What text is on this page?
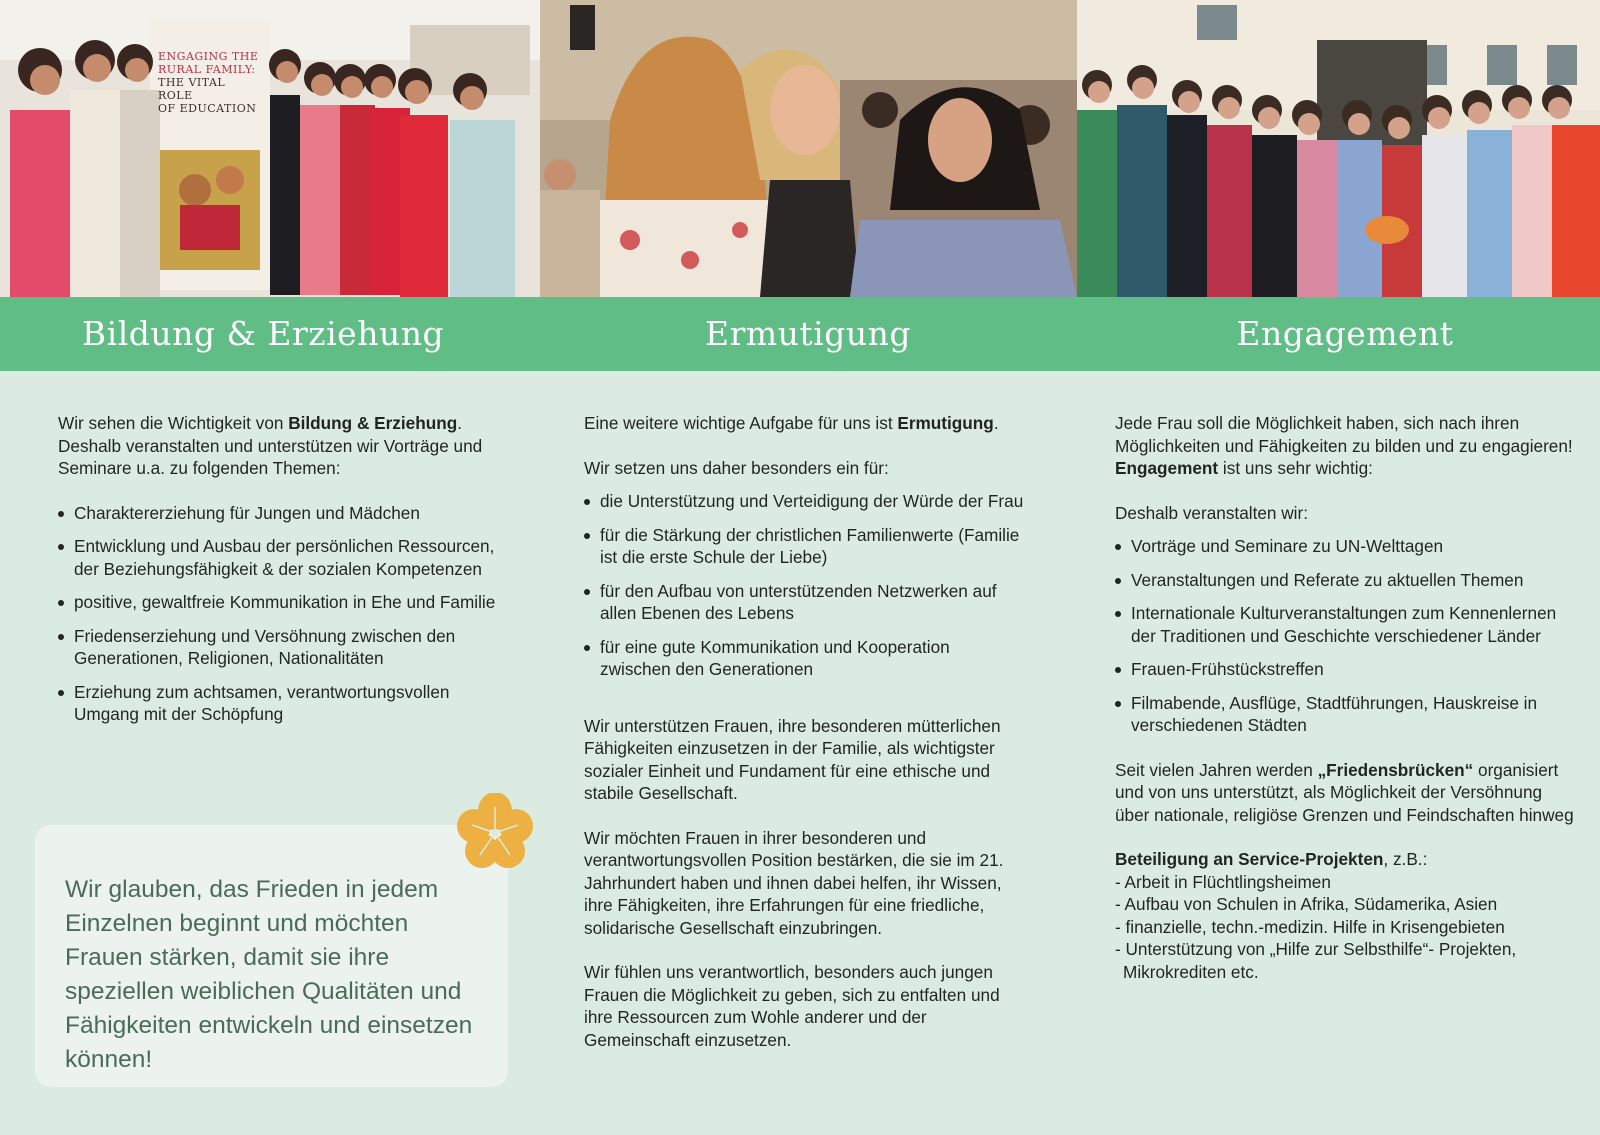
ENGAGING THE
RURAL FAMILY:
THE VITAL ROLE
OF EDUCATION
Bildung & Erziehung	Ermutigung	Engagement

Wir sehen die Wichtigkeit von Bildung & Erziehung. Deshalb veranstalten und unterstützen wir Vorträge und Seminare u.a. zu folgenden Themen:

Charaktererziehung für Jungen und Mädchen
Entwicklung und Ausbau der persönlichen Ressourcen, der Beziehungsfähigkeit & der sozialen Kompetenzen
positive, gewaltfreie Kommunikation in Ehe und Familie
Friedenserziehung und Versöhnung zwischen den Generationen, Religionen, Nationalitäten
Erziehung zum achtsamen, verantwortungsvollen Umgang mit der Schöpfung

Wir glauben, das Frieden in jedem Einzelnen beginnt und möchten Frauen stärken, damit sie ihre speziellen weiblichen Qualitäten und Fähigkeiten entwickeln und einsetzen können!

Eine weitere wichtige Aufgabe für uns ist Ermutigung.

Wir setzen uns daher besonders ein für:

die Unterstützung und Verteidigung der Würde der Frau
für die Stärkung der christlichen Familienwerte (Familie ist die erste Schule der Liebe)
für den Aufbau von unterstützenden Netzwerken auf allen Ebenen des Lebens
für eine gute Kommunikation und Kooperation zwischen den Generationen

Wir unterstützen Frauen, ihre besonderen mütterlichen Fähigkeiten einzusetzen in der Familie, als wichtigster sozialer Einheit und Fundament für eine ethische und stabile Gesellschaft.

Wir möchten Frauen in ihrer besonderen und verantwortungsvollen Position bestärken, die sie im 21. Jahrhundert haben und ihnen dabei helfen, ihr Wissen, ihre Fähigkeiten, ihre Erfahrungen für eine friedliche, solidarische Gesellschaft einzubringen.

Wir fühlen uns verantwortlich, besonders auch jungen Frauen die Möglichkeit zu geben, sich zu entfalten und ihre Ressourcen zum Wohle anderer und der Gemeinschaft einzusetzen.

Jede Frau soll die Möglichkeit haben, sich nach ihren Möglichkeiten und Fähigkeiten zu bilden und zu engagieren! Engagement ist uns sehr wichtig:

Deshalb veranstalten wir:

Vorträge und Seminare zu UN-Welttagen
Veranstaltungen und Referate zu aktuellen Themen
Internationale Kulturveranstaltungen zum Kennenlernen der Traditionen und Geschichte verschiedener Länder
Frauen-Frühstückstreffen
Filmabende, Ausflüge, Stadtführungen, Hauskreise in verschiedenen Städten

Seit vielen Jahren werden „Friedensbrücken“ organisiert und von uns unterstützt, als Möglichkeit der Versöhnung über nationale, religiöse Grenzen und Feindschaften hinweg

Beteiligung an Service-Projekten, z.B.:

- Arbeit in Flüchtlingsheimen
- Aufbau von Schulen in Afrika, Südamerika, Asien
- finanzielle, techn.-medizin. Hilfe in Krisengebieten
- Unterstützung von „Hilfe zur Selbsthilfe“- Projekten,
Mikrokrediten etc.
